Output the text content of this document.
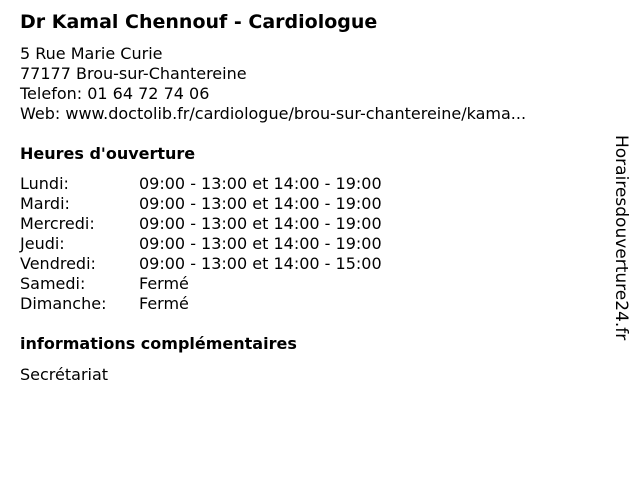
Dr Kamal Chennouf - Cardiologue
5 Rue Marie Curie
77177 Brou-sur-Chantereine
Telefon: 01 64 72 74 06
Web: www.doctolib.fr/cardiologue/brou-sur-chantereine/kama...
Heures d'ouverture
Lundi:	09:00 - 13:00 et 14:00 - 19:00
Mardi:	09:00 - 13:00 et 14:00 - 19:00
Mercredi:	09:00 - 13:00 et 14:00 - 19:00
Jeudi:	09:00 - 13:00 et 14:00 - 19:00
Vendredi:	09:00 - 13:00 et 14:00 - 15:00
Samedi:	Fermé
Dimanche:	Fermé
informations complémentaires
Secrétariat
Horairesdouverture24.fr
